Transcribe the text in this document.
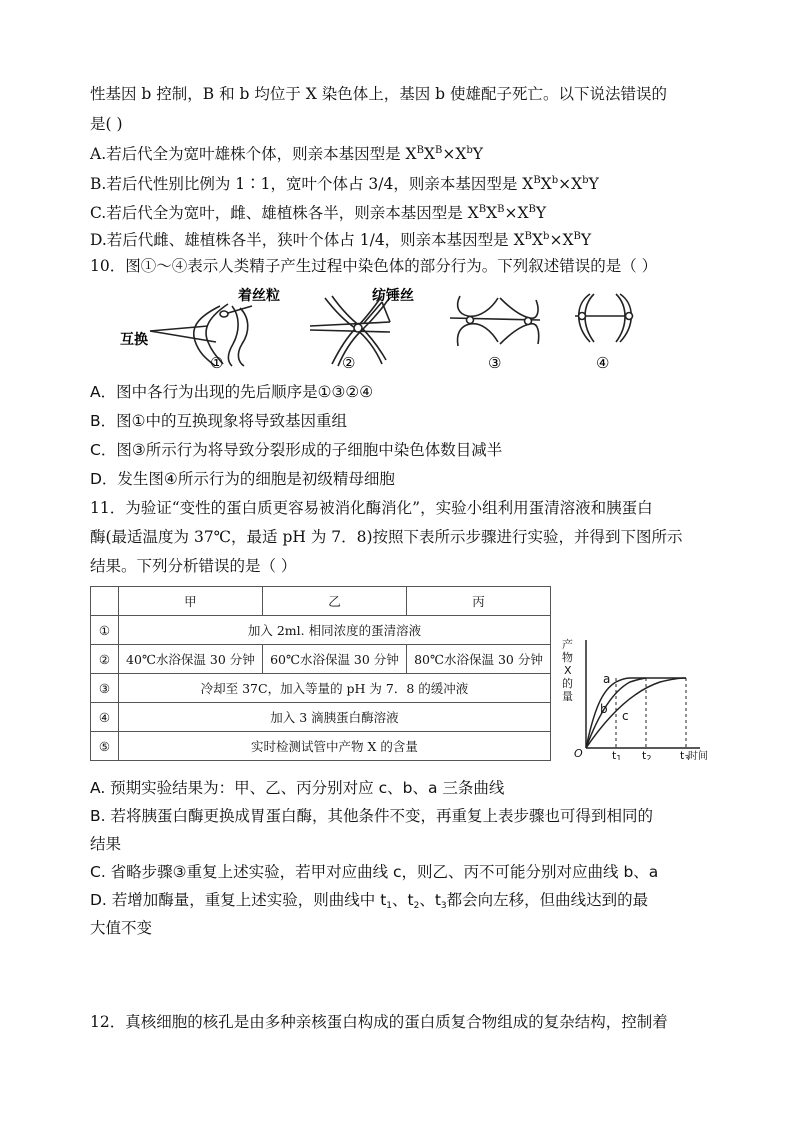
性基因 b 控制，B 和 b 均位于 X 染色体上，基因 b 使雄配子死亡。以下说法错误的
是( )
A.若后代全为宽叶雄株个体，则亲本基因型是 $X^BX^B\times X^bY$
B.若后代性别比例为 1∶1，宽叶个体占 3/4，则亲本基因型是 $X^BX^b\times X^bY$
C.若后代全为宽叶，雌、雄植株各半，则亲本基因型是 $X^BX^B\times X^BY$
D.若后代雌、雄植株各半，狭叶个体占 1/4，则亲本基因型是 $X^BX^b\times X^BY$
10．图①～④表示人类精子产生过程中染色体的部分行为。下列叙述错误的是（ ）
着丝粒	纺锤丝
互换
①	②	③	④
A．图中各行为出现的先后顺序是①③②④
B．图①中的互换现象将导致基因重组
C．图③所示行为将导致分裂形成的子细胞中染色体数目减半
D．发生图④所示行为的细胞是初级精母细胞
11．为验证“变性的蛋白质更容易被消化酶消化”，实验小组利用蛋清溶液和胰蛋白
酶(最适温度为 37℃，最适 pH 为 7．8)按照下表所示步骤进行实验，并得到下图所示
结果。下列分析错误的是（ ）
	甲	乙	丙
①	加入 2ml. 相同浓度的蛋清溶液		
②	40℃水浴保温 30 分钟	60℃水浴保温 30 分钟	80℃水浴保温 30 分钟
③	冷却至 37C，加入等量的 pH 为 7．8 的缓冲液		
④	加入 3 滴胰蛋白酶溶液		
⑤	实时检测试管中产物 X 的含量		
产
物
X
的
量
O
a
b c
t1 t2	t3
时间
A. 预期实验结果为：甲、乙、丙分别对应 c、b、a 三条曲线
B. 若将胰蛋白酶更换成胃蛋白酶，其他条件不变，再重复上表步骤也可得到相同的
结果
C. 省略步骤③重复上述实验，若甲对应曲线 c，则乙、丙不可能分别对应曲线 b、a
D. 若增加酶量，重复上述实验，则曲线中 $t_1$、$t_2$、$t_3$都会向左移，但曲线达到的最
大值不变
12．真核细胞的核孔是由多种亲核蛋白构成的蛋白质复合物组成的复杂结构，控制着
